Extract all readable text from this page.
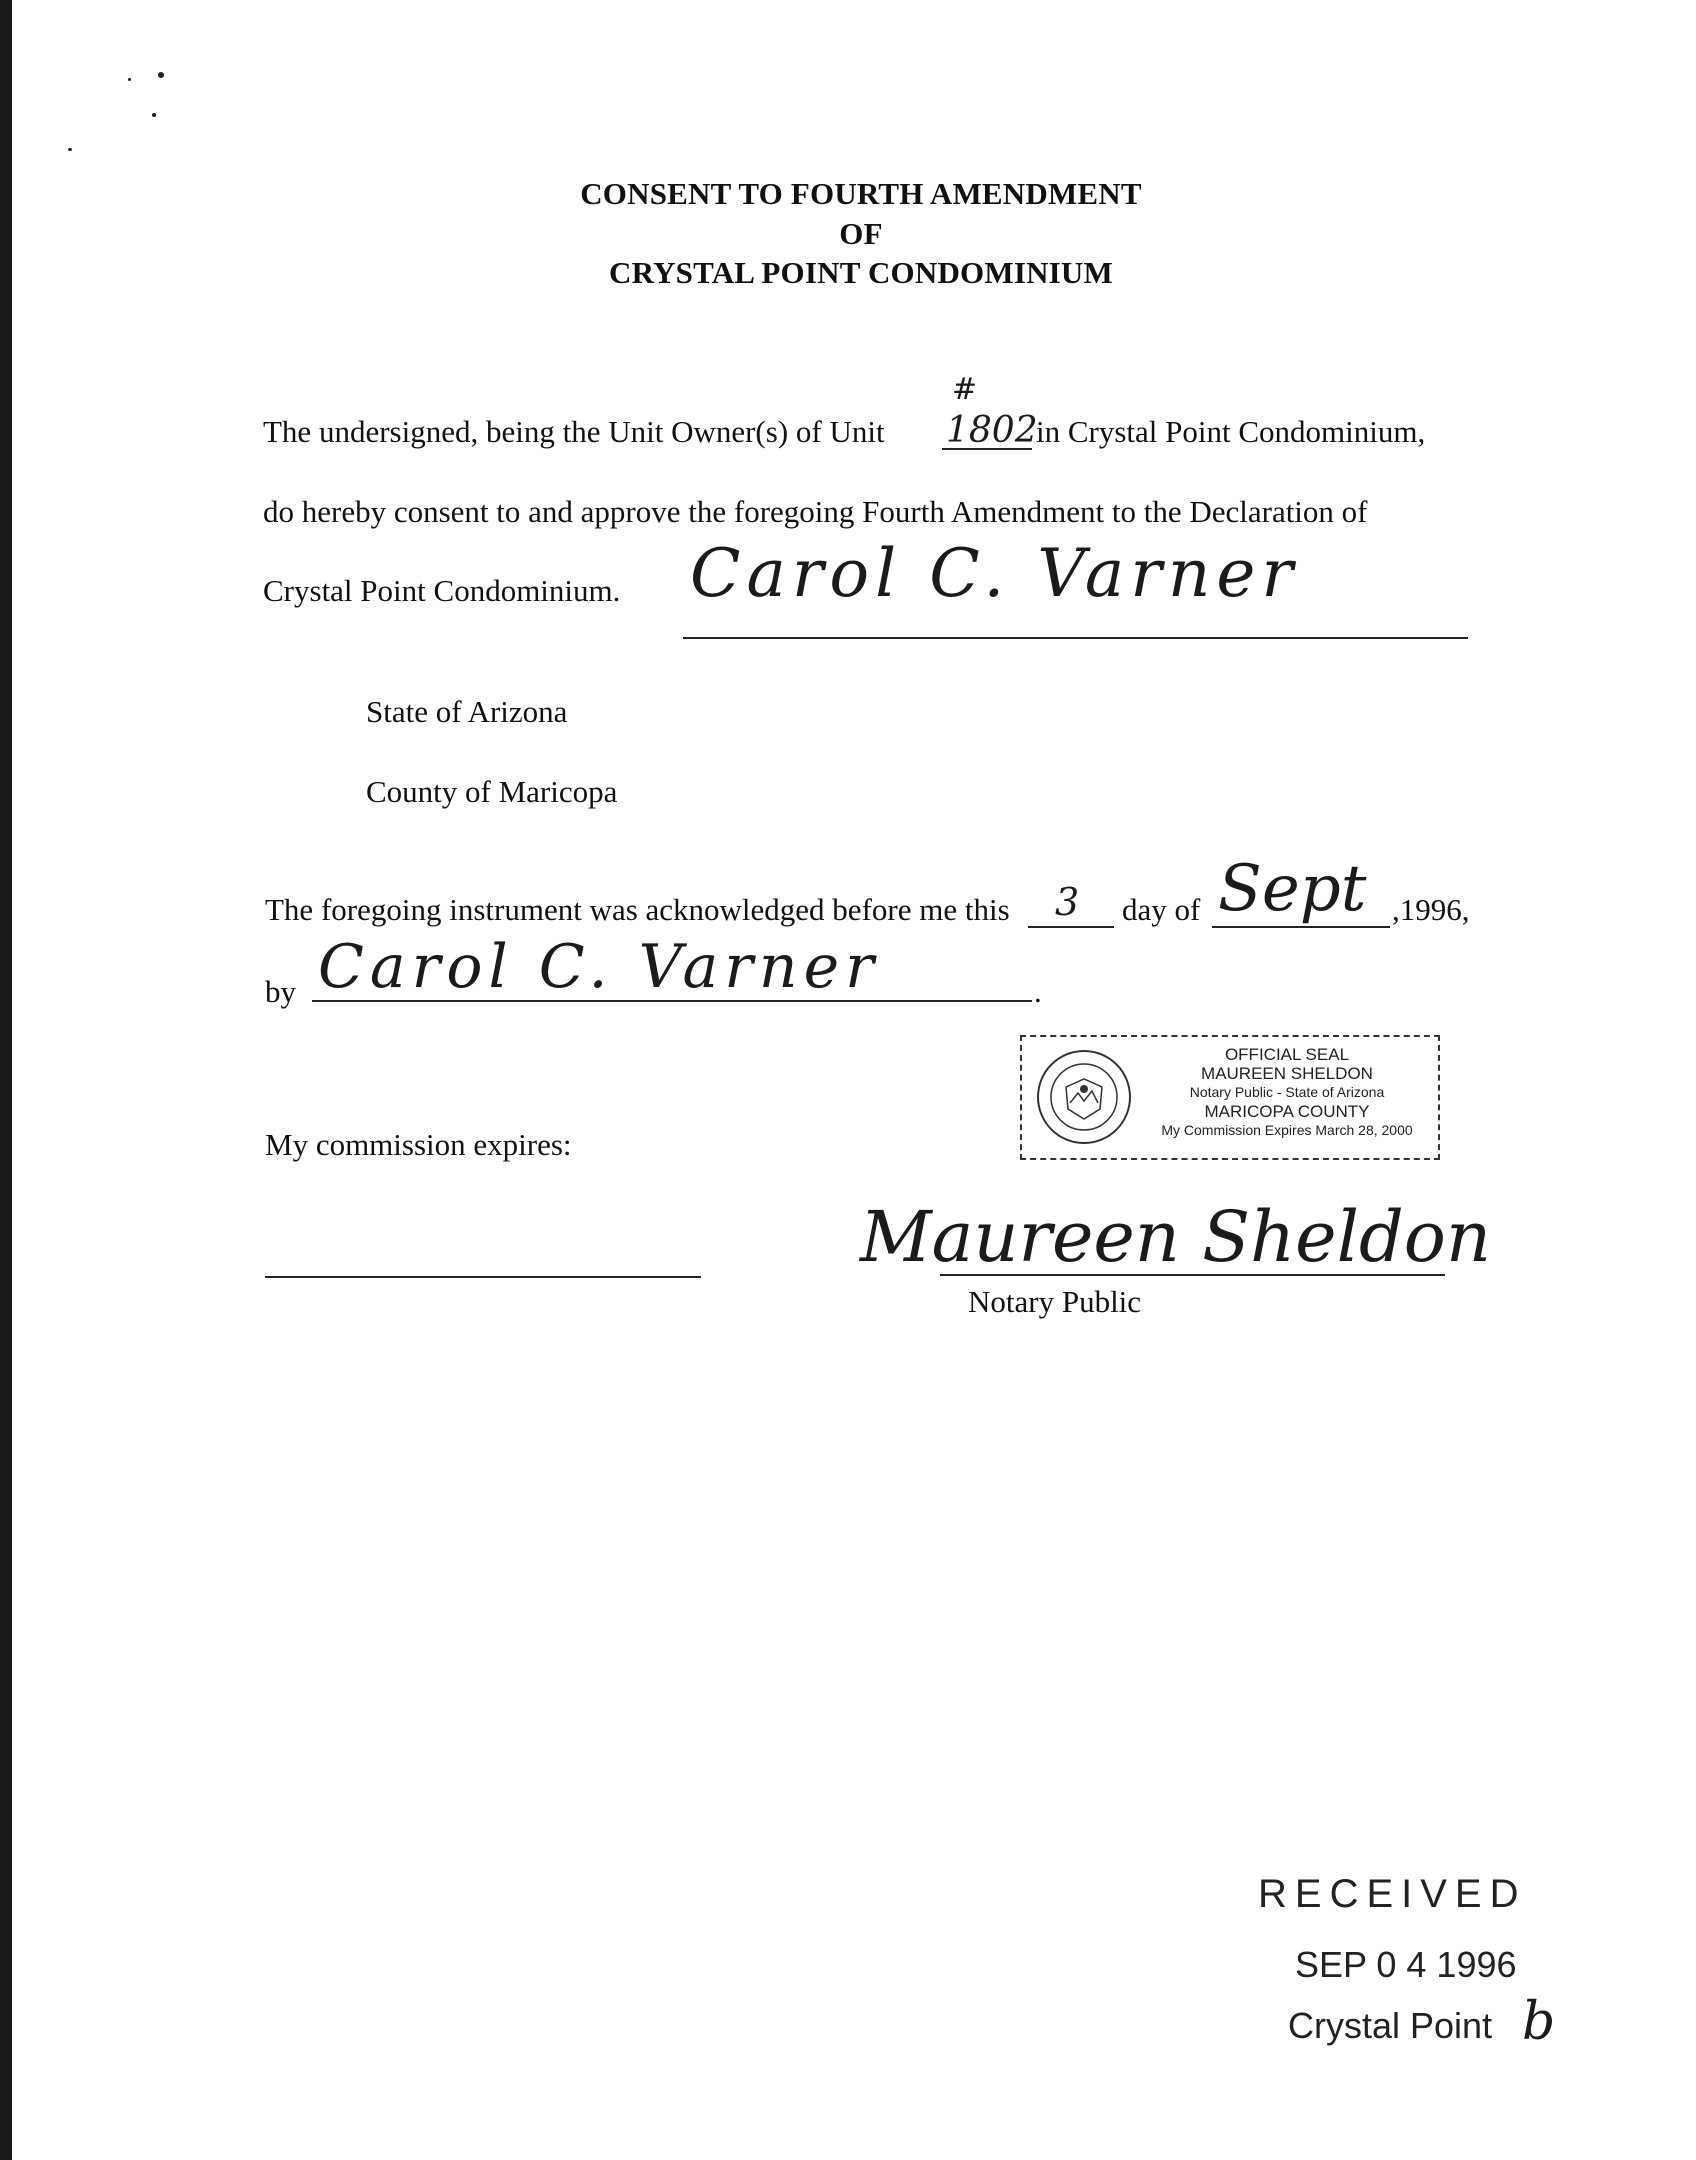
CONSENT TO FOURTH AMENDMENT
OF
CRYSTAL POINT CONDOMINIUM
The undersigned, being the Unit Owner(s) of Unit
#
1802
in Crystal Point Condominium,
do hereby consent to and approve the foregoing Fourth Amendment to the Declaration of
Crystal Point Condominium. Carol C. Varner
State of Arizona
County of Maricopa
The foregoing instrument was acknowledged before me this 3 day of Sept ,1996,
by Carol C. Varner	.
OFFICIAL SEAL
MAUREEN SHELDON
Notary Public - State of Arizona
MARICOPA COUNTY
My Commission Expires March 28, 2000
My commission expires:
Maureen Sheldon
Notary Public
RECEIVED
SEP 0 4 1996
Crystal Point b
